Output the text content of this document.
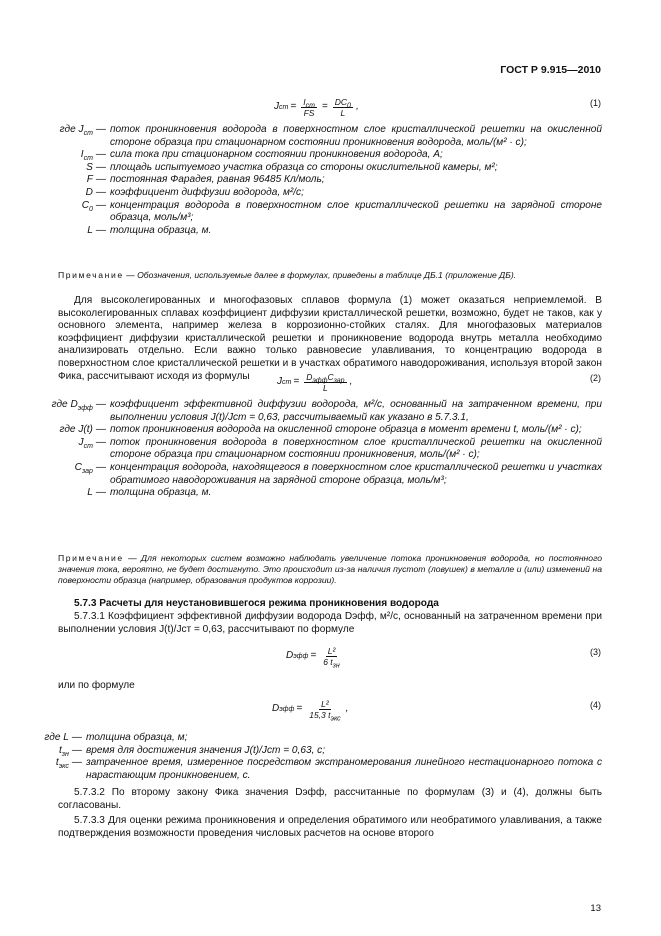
ГОСТ Р 9.915—2010
J ст = $\frac{I_{ст}}{FS} = \frac{DC_0}{L}$ ,	(1)
где $J_{ст}$ — поток проникновения водорода в поверхностном слое кристаллической решетки на окисленной стороне образца при стационарном состоянии проникновения водорода, моль/(м² · с);
$I_{ст}$ — сила тока при стационарном состоянии проникновения водорода, А;
S — площадь испытуемого участка образца со стороны окислительной камеры, м²;
F — постоянная Фарадея, равная 96485 Кл/моль;
D — коэффициент диффузии водорода, м²/с;
$C_0$ — концентрация водорода в поверхностном слое кристаллической решетки на зарядной стороне образца, моль/м³;
L — толщина образца, м.
Примечание — Обозначения, используемые далее в формулах, приведены в таблице ДБ.1 (приложение ДБ).
Для высоколегированных и многофазовых сплавов формула (1) может оказаться неприемлемой. В высоколегированных сплавах коэффициент диффузии кристаллической решетки, возможно, будет не таков, как у основного элемента, например железа в коррозионно-стойких сталях. Для многофазовых материалов коэффициент диффузии кристаллической решетки и проникновение водорода внутрь металла необходимо анализировать отдельно. Если важно только равновесие улавливания, то концентрацию водорода в поверхностном слое кристаллической решетки и в участках обратимого наводороживания, используя второй закон Фика, рассчитывают исходя из формулы
J ст = $\frac{D_{эфф}C_{зар}}{L}$ ,	(2)
где $D_{эфф}$ — коэффициент эффективной диффузии водорода, м²/с, основанный на затраченном времени, при выполнении условия J(t)/Jст = 0,63, рассчитываемый как указано в 5.7.3.1,
где J(t) — поток проникновения водорода на окисленной стороне образца в момент времени t, моль/(м² · с);
$J_{ст}$ — поток проникновения водорода в поверхностном слое кристаллической решетки на окисленной стороне образца при стационарном состоянии проникновения, моль/(м² · с);
$C_{зар}$ — концентрация водорода, находящегося в поверхностном слое кристаллической решетки и участках обратимого наводороживания на зарядной стороне образца, моль/м³;
L — толщина образца, м.
Примечание — Для некоторых систем возможно наблюдать увеличение потока проникновения водорода, но постоянного значения тока, вероятно, не будет достигнуто. Это происходит из-за наличия пустот (ловушек) в металле и (или) изменений на поверхности образца (например, образования продуктов коррозии).
5.7.3 Расчеты для неустановившегося режима проникновения водорода
5.7.3.1 Коэффициент эффективной диффузии водорода Dэфф, м²/с, основанный на затраченном времени при выполнении условия J(t)/Jст = 0,63, рассчитывают по формуле
D эфф = $\frac{\text{L²}}{6 t_{зн}}$	(3)
или по формуле
D эфф = $\frac{\text{L²}}{15,3 t_{экс}}$ ,	(4)
где L — толщина образца, м;
$t_{зн}$ — время для достижения значения J(t)/Jст = 0,63, с;
$t_{экс}$ — затраченное время, измеренное посредством экстраномерования линейного нестационарного потока с нарастающим проникновением, с.
5.7.3.2 По второму закону Фика значения Dэфф, рассчитанные по формулам (3) и (4), должны быть согласованы.
5.7.3.3 Для оценки режима проникновения и определения обратимого или необратимого улавливания, а также подтверждения возможности проведения числовых расчетов на основе второго
13
